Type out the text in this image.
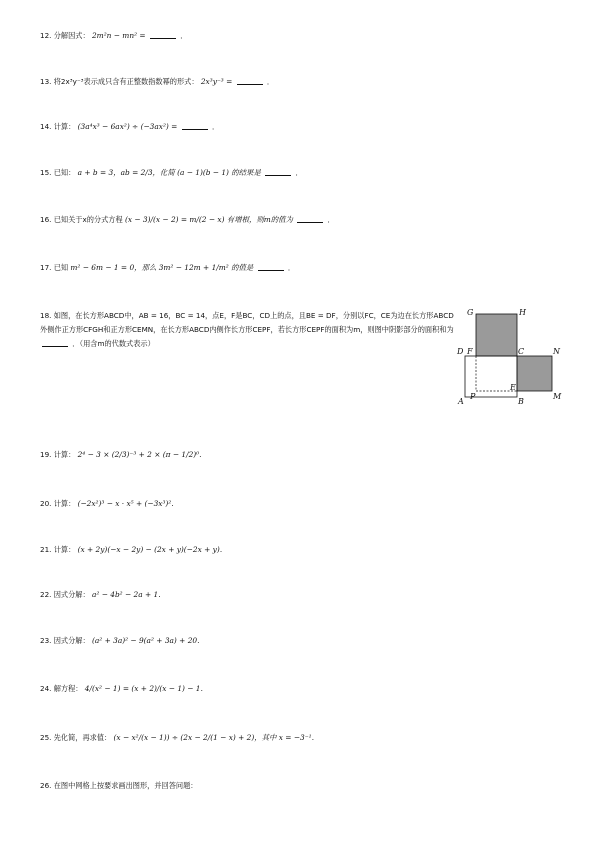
12. 分解因式： 2m²n − mn² =	．
13. 将2x³y⁻³表示成只含有正整数指数幂的形式： 2x³y⁻³ =	．
14. 计算： (3a⁴x³ − 6ax²) ÷ (−3ax²) =	．
15. 已知： a + b = 3，ab = 2/3，化简 (a − 1)(b − 1) 的结果是	．
16. 已知关于x的分式方程 (x − 3)/(x − 2) = m/(2 − x) 有增根，则m的值为	．
17. 已知 m² − 6m − 1 = 0，那么 3m² − 12m + 1/m² 的值是	．
18. 如图，在长方形ABCD中，AB = 16，BC = 14，点E，F是BC，CD上的点，且BE = DF，分别以FC，CE为边在长方形ABCD外侧作正方形CFGH和正方形CEMN，在长方形ABCD内侧作长方形CEPF，若长方形CEPF的面积为m，则图中阴影部分的面积和为  ．（用含m的代数式表示）
G	H
D F	C	N
E
P
A	B
M
19. 计算： 2⁴ − 3 × (2/3)⁻³ + 2 × (π − 1/2)⁰．
20. 计算： (−2x²)³ − x · x⁵ + (−3x³)²．
21. 计算： (x + 2y)(−x − 2y) − (2x + y)(−2x + y)．
22. 因式分解： a² − 4b² − 2a + 1．
23. 因式分解： (a² + 3a)² − 9(a² + 3a) + 20．
24. 解方程： 4/(x² − 1) = (x + 2)/(x − 1) − 1．
25. 先化简，再求值： (x − x²/(x − 1)) ÷ (2x − 2/(1 − x) + 2)，其中 x = −3⁻¹．
26. 在图中网格上按要求画出图形，并回答问题：
